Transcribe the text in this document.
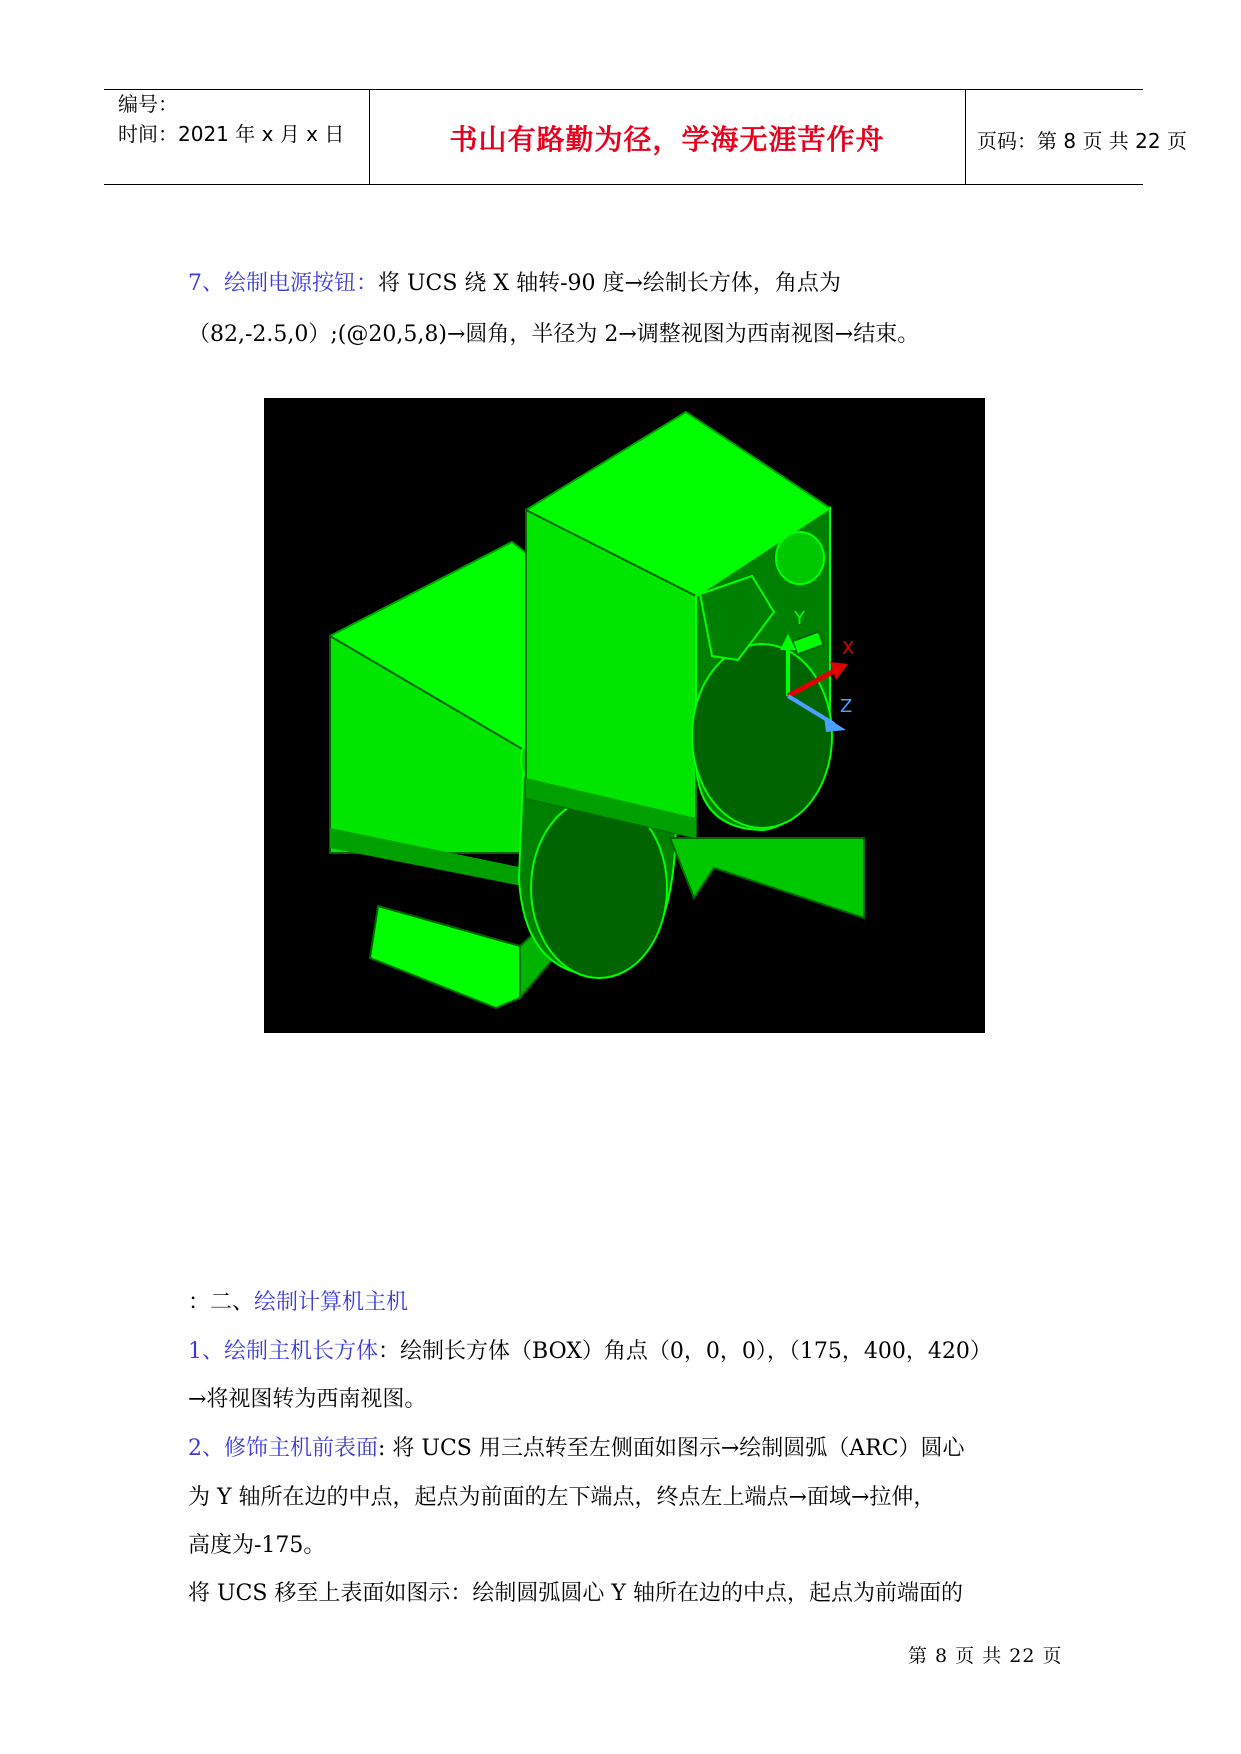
编号：
时间：2021 年 x 月 x 日	书山有路勤为径，学海无涯苦作舟	页码：第 8 页 共 22 页
7、绘制电源按钮：将 UCS 绕 X 轴转-90 度→绘制长方体，角点为
（82,-2.5,0）;(@20,5,8)→圆角，半径为 2→调整视图为西南视图→结束。
Y
X
Z
：二、绘制计算机主机
1、绘制主机长方体：绘制长方体（BOX）角点（0，0，0），（175，400，420）
→将视图转为西南视图。
2、修饰主机前表面: 将 UCS 用三点转至左侧面如图示→绘制圆弧（ARC）圆心
为 Y 轴所在边的中点，起点为前面的左下端点，终点左上端点→面域→拉伸，
高度为-175。
将 UCS 移至上表面如图示：绘制圆弧圆心 Y 轴所在边的中点，起点为前端面的
第 8 页 共 22 页
